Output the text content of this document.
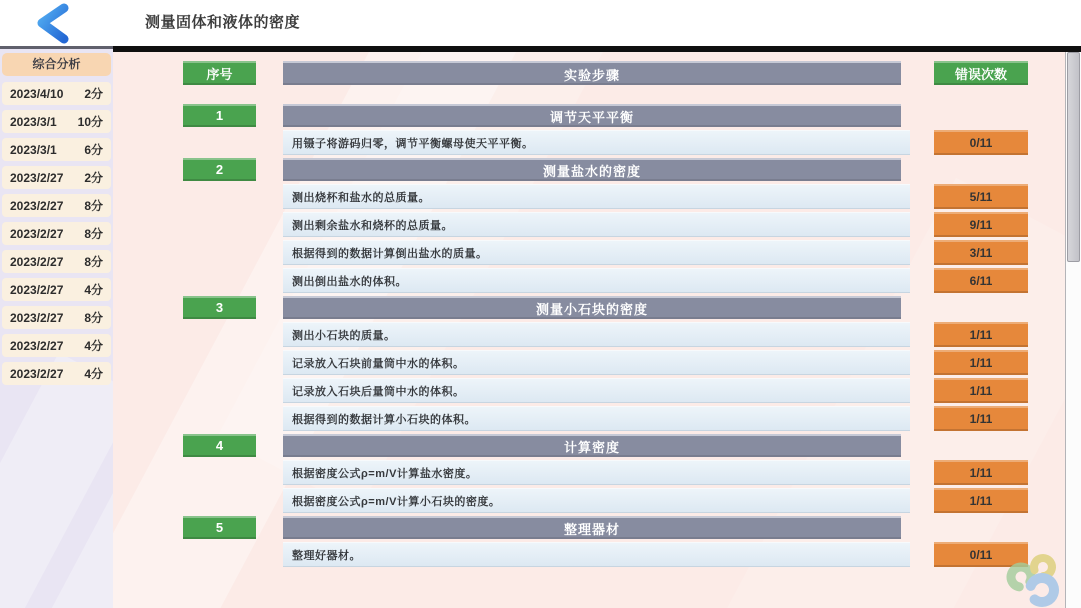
测量固体和液体的密度
综合分析
2023/4/10 2分
2023/3/1 10分
2023/3/1 6分
2023/2/27 2分
2023/2/27 8分
2023/2/27 8分
2023/2/27 8分
2023/2/27 4分
2023/2/27 8分
2023/2/27 4分
2023/2/27 4分
序号	实验步骤	错误次数
1	调节天平平衡
用镊子将游码归零，调节平衡螺母使天平平衡。	0/11
2	测量盐水的密度
测出烧杯和盐水的总质量。	5/11
测出剩余盐水和烧杯的总质量。	9/11
根据得到的数据计算倒出盐水的质量。	3/11
测出倒出盐水的体积。	6/11
3	测量小石块的密度
测出小石块的质量。	1/11
记录放入石块前量筒中水的体积。	1/11
记录放入石块后量筒中水的体积。	1/11
根据得到的数据计算小石块的体积。	1/11
4	计算密度
根据密度公式ρ=m/V计算盐水密度。	1/11
根据密度公式ρ=m/V计算小石块的密度。	1/11
5	整理器材
整理好器材。	0/11
